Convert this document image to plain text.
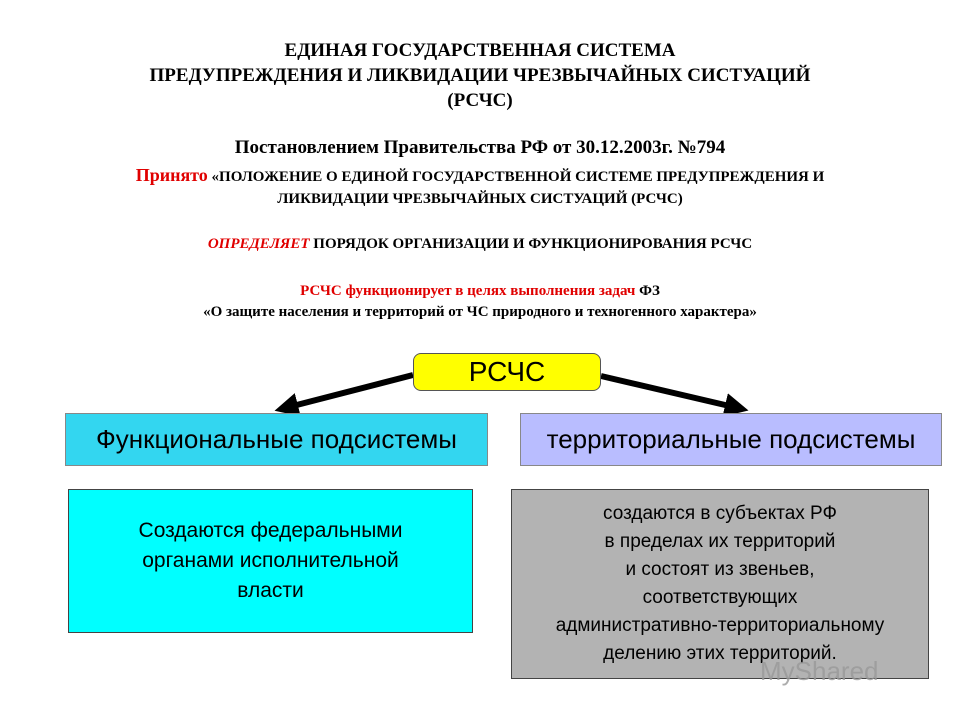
ЕДИНАЯ ГОСУДАРСТВЕННАЯ СИСТЕМА
ПРЕДУПРЕЖДЕНИЯ И ЛИКВИДАЦИИ ЧРЕЗВЫЧАЙНЫХ СИСТУАЦИЙ
(РСЧС)
Постановлением Правительства РФ от 30.12.2003г. №794
Принято «ПОЛОЖЕНИЕ О ЕДИНОЙ ГОСУДАРСТВЕННОЙ СИСТЕМЕ ПРЕДУПРЕЖДЕНИЯ И
ЛИКВИДАЦИИ ЧРЕЗВЫЧАЙНЫХ СИСТУАЦИЙ (РСЧС)
ОПРЕДЕЛЯЕТ ПОРЯДОК ОРГАНИЗАЦИИ И ФУНКЦИОНИРОВАНИЯ РСЧС
РСЧС функционирует в целях выполнения задач ФЗ
«О защите населения и территорий от ЧС природного и техногенного характера»
РСЧС
Функциональные подсистемы	территориальные подсистемы
Создаются федеральными
органами исполнительной
власти
создаются в субъектах РФ
в пределах их территорий
и состоят из звеньев,
соответствующих
административно-территориальному
делению этих территорий.
MyShared
